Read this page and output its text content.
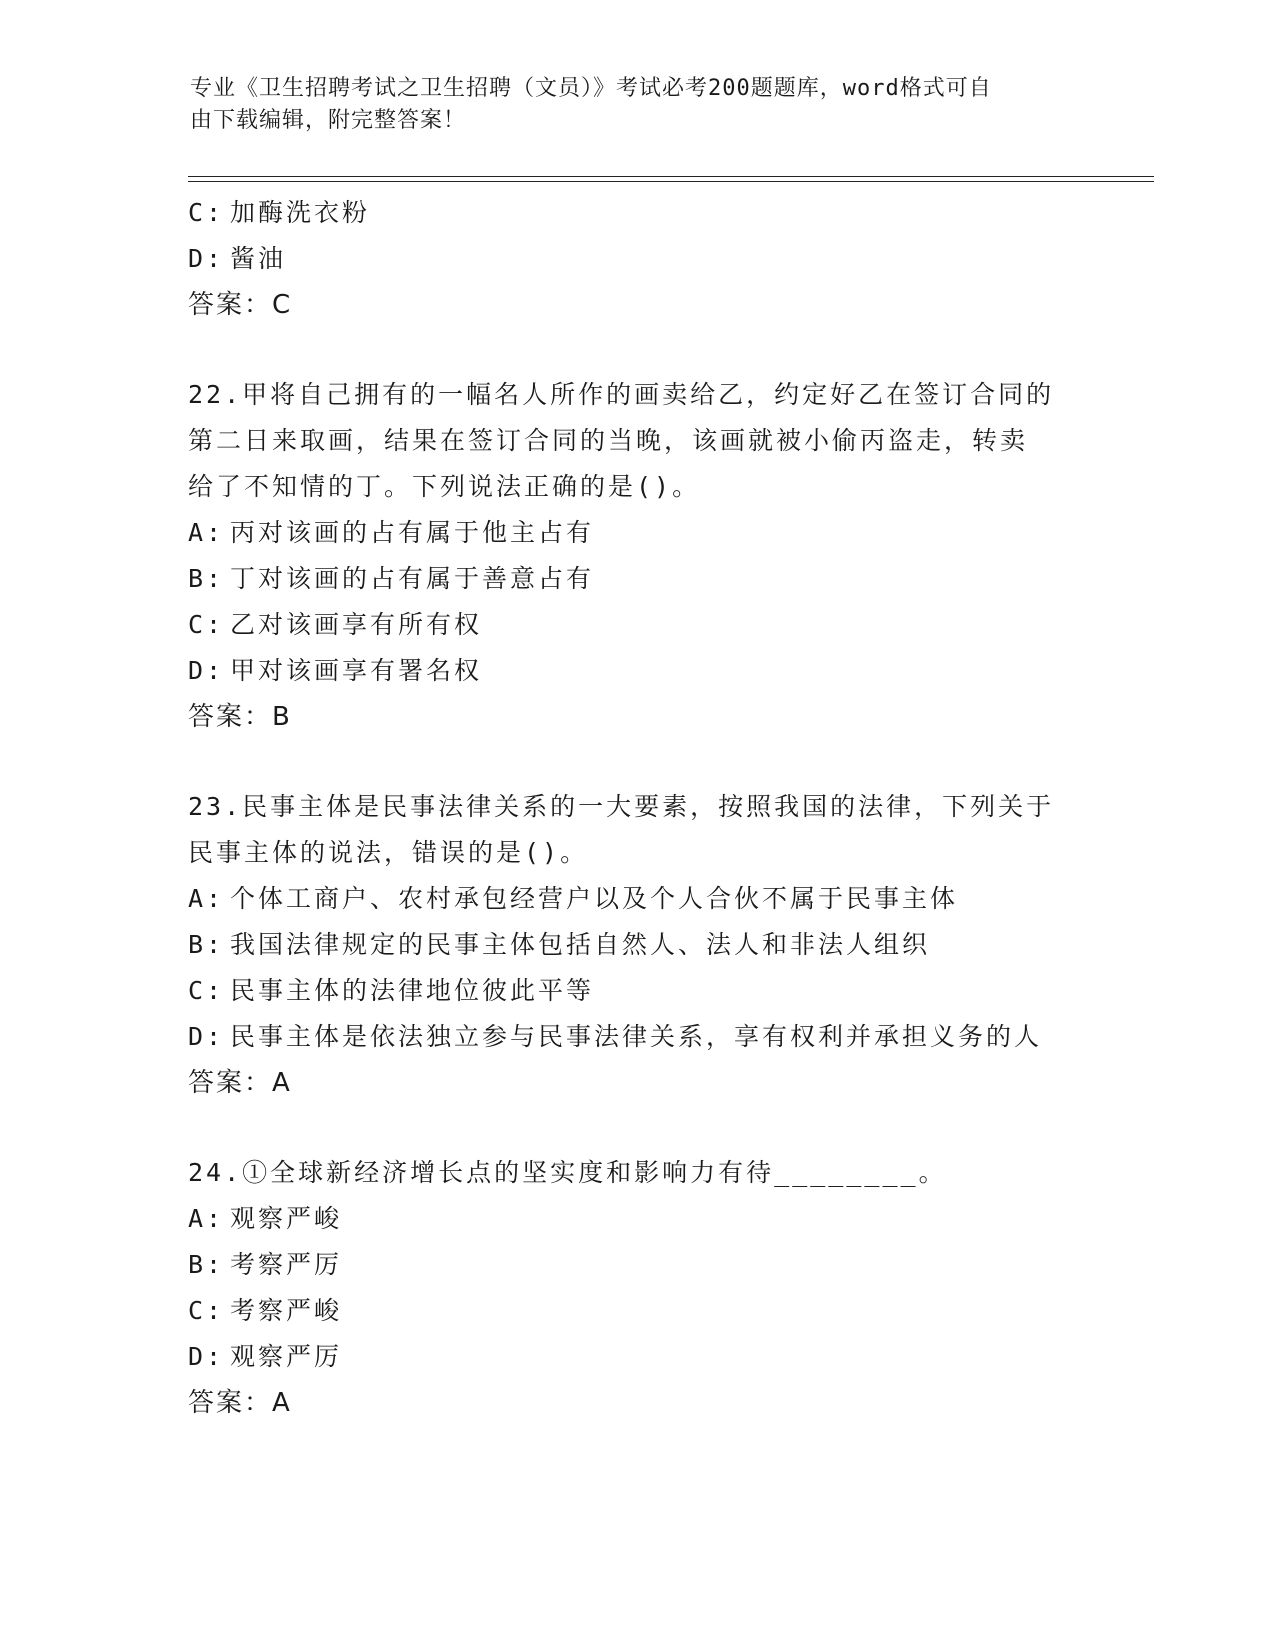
专业《卫生招聘考试之卫生招聘（文员）》考试必考200题题库，word格式可自
由下载编辑，附完整答案！
C: 加酶洗衣粉
D: 酱油
答案：C
22.甲将自己拥有的一幅名人所作的画卖给乙，约定好乙在签订合同的
第二日来取画，结果在签订合同的当晚，该画就被小偷丙盗走，转卖
给了不知情的丁。下列说法正确的是()。
A: 丙对该画的占有属于他主占有
B: 丁对该画的占有属于善意占有
C: 乙对该画享有所有权
D: 甲对该画享有署名权
答案：B
23.民事主体是民事法律关系的一大要素，按照我国的法律，下列关于
民事主体的说法，错误的是()。
A: 个体工商户、农村承包经营户以及个人合伙不属于民事主体
B: 我国法律规定的民事主体包括自然人、法人和非法人组织
C: 民事主体的法律地位彼此平等
D: 民事主体是依法独立参与民事法律关系，享有权利并承担义务的人
答案：A
24.①全球新经济增长点的坚实度和影响力有待________。
A: 观察严峻
B: 考察严厉
C: 考察严峻
D: 观察严厉
答案：A
